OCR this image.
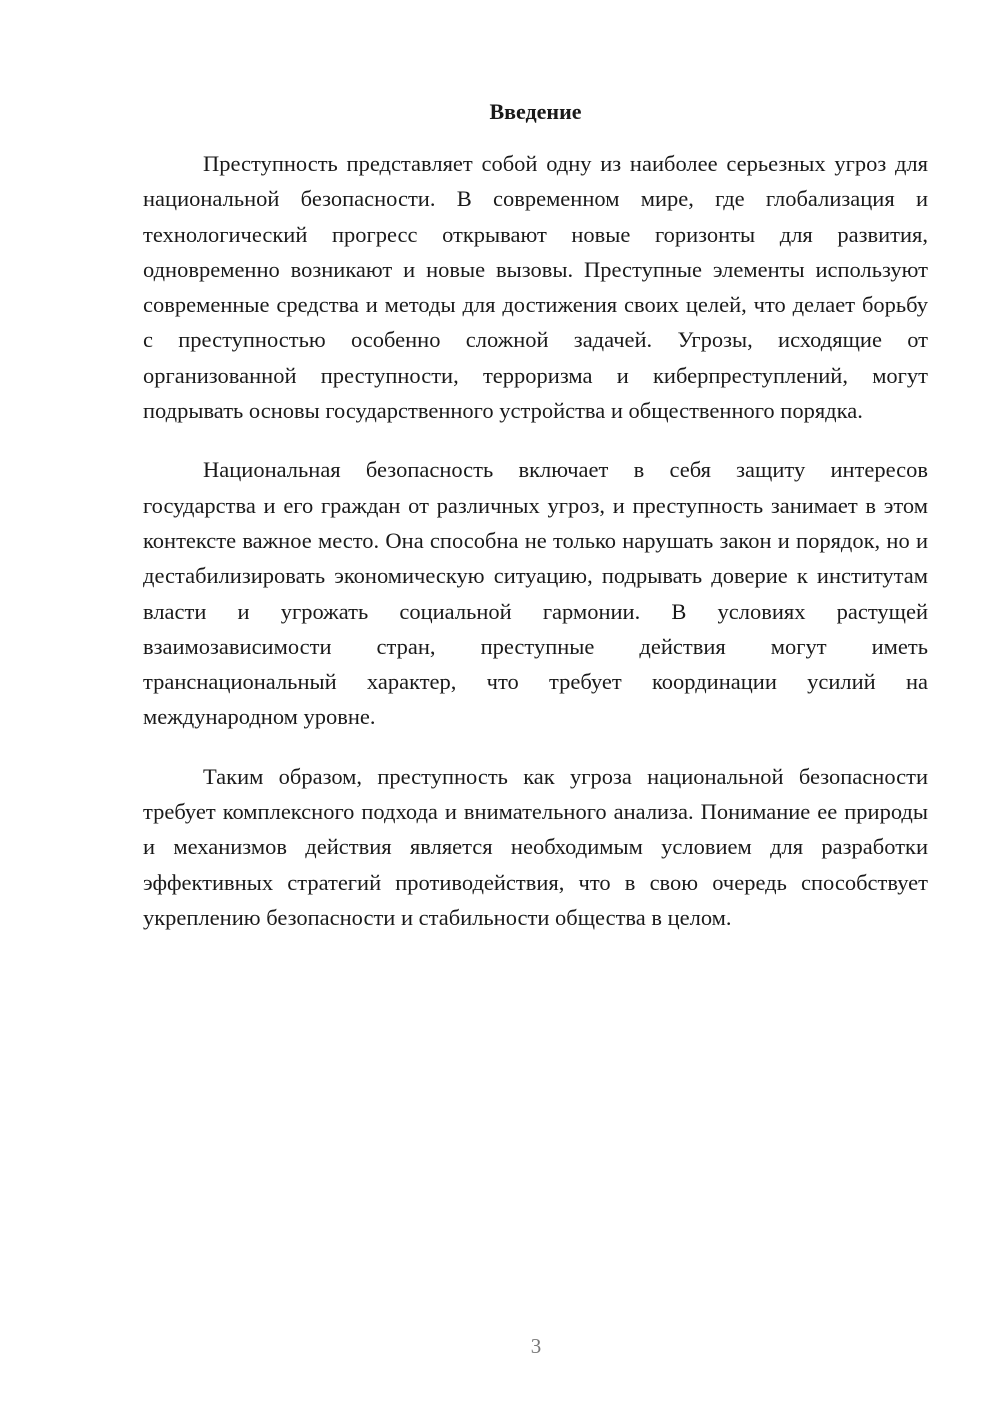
Введение

Преступность представляет собой одну из наиболее серьезных угроз для национальной безопасности. В современном мире, где глобализация и технологический прогресс открывают новые горизонты для развития, одновременно возникают и новые вызовы. Преступные элементы используют современные средства и методы для достижения своих целей, что делает борьбу с преступностью особенно сложной задачей. Угрозы, исходящие от организованной преступности, терроризма и киберпреступлений, могут подрывать основы государственного устройства и общественного порядка.

Национальная безопасность включает в себя защиту интересов государства и его граждан от различных угроз, и преступность занимает в этом контексте важное место. Она способна не только нарушать закон и порядок, но и дестабилизировать экономическую ситуацию, подрывать доверие к институтам власти и угрожать социальной гармонии. В условиях растущей взаимозависимости стран, преступные действия могут иметь транснациональный характер, что требует координации усилий на международном уровне.

Таким образом, преступность как угроза национальной безопасности требует комплексного подхода и внимательного анализа. Понимание ее природы и механизмов действия является необходимым условием для разработки эффективных стратегий противодействия, что в свою очередь способствует укреплению безопасности и стабильности общества в целом.

3
